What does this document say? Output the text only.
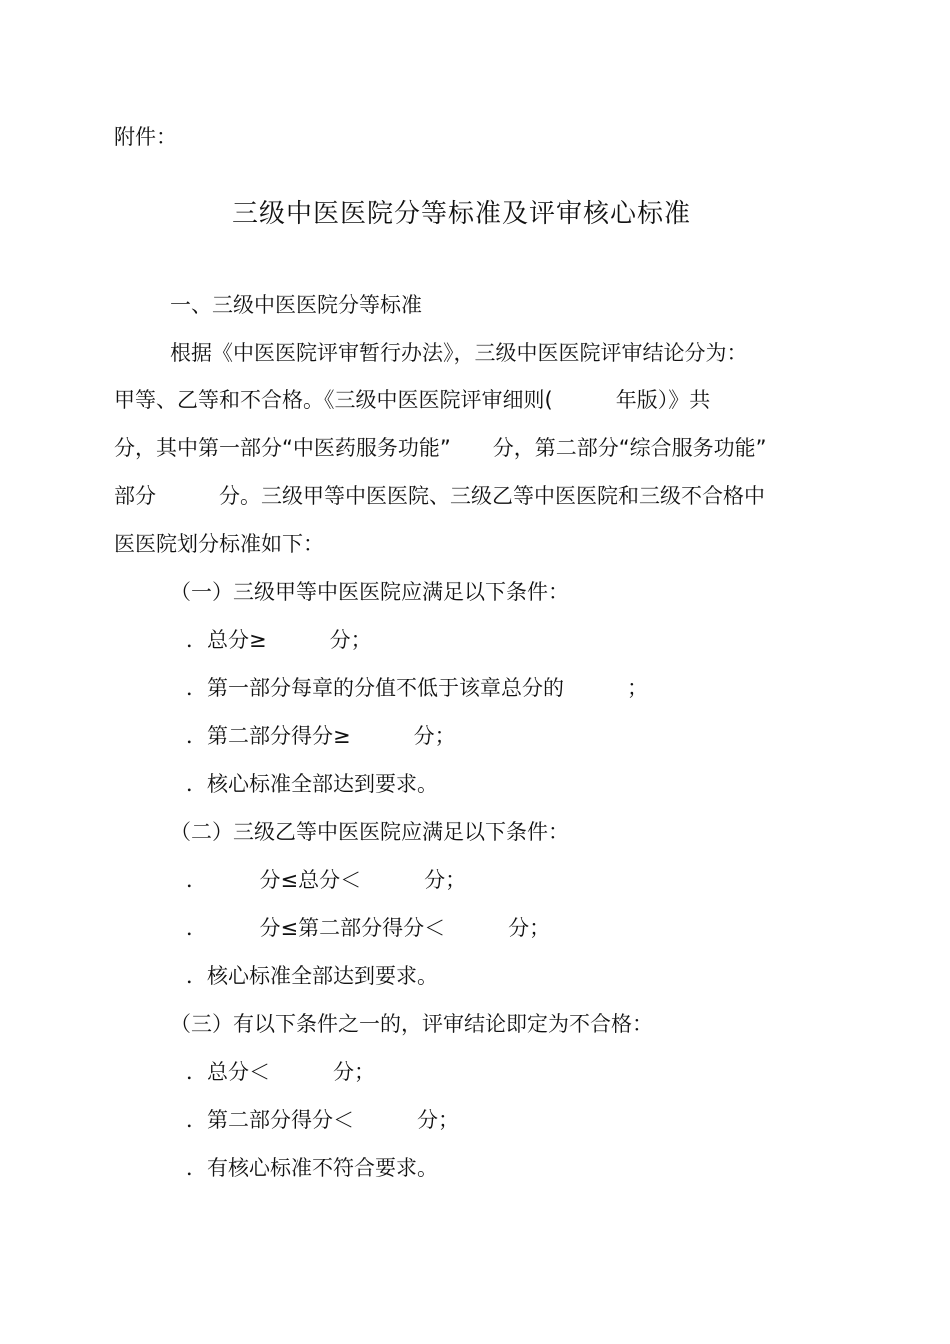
附件：
三级中医医院分等标准及评审核心标准
一、三级中医医院分等标准
根据《中医医院评审暂行办法》，三级中医医院评审结论分为：
甲等、乙等和不合格。《三级中医医院评审细则(　　　年版）》共
分，其中第一部分“中医药服务功能”　　分，第二部分“综合服务功能”
部分　　　分。三级甲等中医医院、三级乙等中医医院和三级不合格中
医医院划分标准如下：
（一）三级甲等中医医院应满足以下条件：
．总分≥　　　分；
．第一部分每章的分值不低于该章总分的　　　；
．第二部分得分≥　　　分；
．核心标准全部达到要求。
（二）三级乙等中医医院应满足以下条件：
．　　　分≤总分＜　　　分；
．　　　分≤第二部分得分＜　　　分；
．核心标准全部达到要求。
（三）有以下条件之一的，评审结论即定为不合格：
．总分＜　　　分；
．第二部分得分＜　　　分；
．有核心标准不符合要求。
